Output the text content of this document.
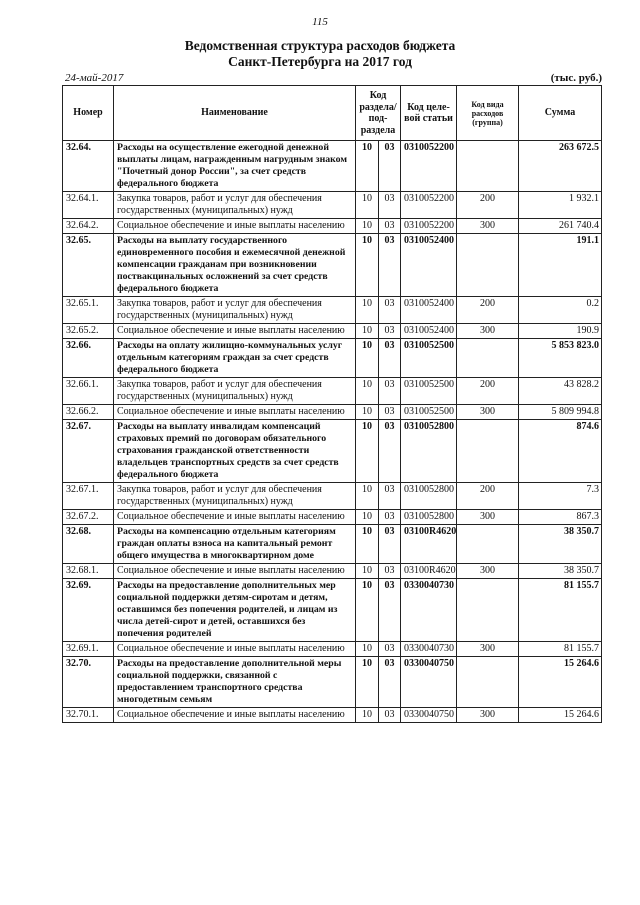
115
Ведомственная структура расходов бюджета
Санкт-Петербурга на 2017 год
24-май-2017	(тыс. руб.)
Номер	Наименование	Код раздела/ под-раздела		Код целе-вой статьи	Код вида расходов (группа)	Сумма
32.64.	Расходы на осуществление ежегодной денежной выплаты лицам, награжденным нагрудным знаком "Почетный донор России", за счет средств федерального бюджета	10	03	0310052200		263 672.5
32.64.1.	Закупка товаров, работ и услуг для обеспечения государственных (муниципальных) нужд	10	03	0310052200	200	1 932.1
32.64.2.	Социальное обеспечение и иные выплаты населению	10	03	0310052200	300	261 740.4
32.65.	Расходы на выплату государственного единовременного пособия и ежемесячной денежной компенсации гражданам при возникновении поствакцинальных осложнений за счет средств федерального бюджета	10	03	0310052400		191.1
32.65.1.	Закупка товаров, работ и услуг для обеспечения государственных (муниципальных) нужд	10	03	0310052400	200	0.2
32.65.2.	Социальное обеспечение и иные выплаты населению	10	03	0310052400	300	190.9
32.66.	Расходы на оплату жилищно-коммунальных услуг отдельным категориям граждан за счет средств федерального бюджета	10	03	0310052500		5 853 823.0
32.66.1.	Закупка товаров, работ и услуг для обеспечения государственных (муниципальных) нужд	10	03	0310052500	200	43 828.2
32.66.2.	Социальное обеспечение и иные выплаты населению	10	03	0310052500	300	5 809 994.8
32.67.	Расходы на выплату инвалидам компенсаций страховых премий по договорам обязательного страхования гражданской ответственности владельцев транспортных средств за счет средств федерального бюджета	10	03	0310052800		874.6
32.67.1.	Закупка товаров, работ и услуг для обеспечения государственных (муниципальных) нужд	10	03	0310052800	200	7.3
32.67.2.	Социальное обеспечение и иные выплаты населению	10	03	0310052800	300	867.3
32.68.	Расходы на компенсацию отдельным категориям граждан оплаты взноса на капитальный ремонт общего имущества в многоквартирном доме	10	03	03100R4620		38 350.7
32.68.1.	Социальное обеспечение и иные выплаты населению	10	03	03100R4620	300	38 350.7
32.69.	Расходы на предоставление дополнительных мер социальной поддержки детям-сиротам и детям, оставшимся без попечения родителей, и лицам из числа детей-сирот и детей, оставшихся без попечения родителей	10	03	0330040730		81 155.7
32.69.1.	Социальное обеспечение и иные выплаты населению	10	03	0330040730	300	81 155.7
32.70.	Расходы на предоставление дополнительной меры социальной поддержки, связанной с предоставлением транспортного средства многодетным семьям	10	03	0330040750		15 264.6
32.70.1.	Социальное обеспечение и иные выплаты населению	10	03	0330040750	300	15 264.6
